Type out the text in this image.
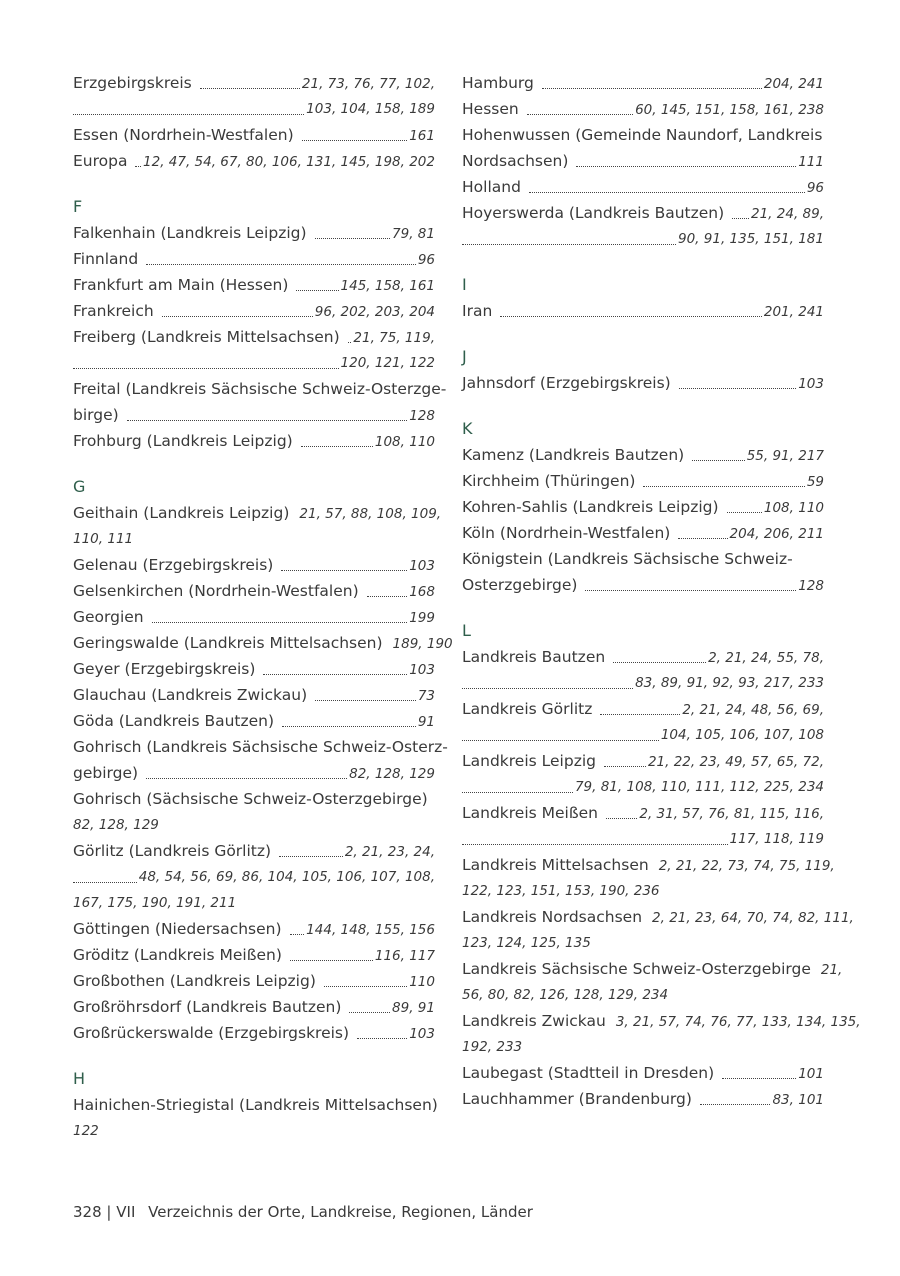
Erzgebirgskreis	21, 73, 76, 77, 102,
103, 104, 158, 189
Essen (Nordrhein-Westfalen)	161
Europa 12, 47, 54, 67, 80, 106, 131, 145, 198, 202
F
Falkenhain (Landkreis Leipzig)	79, 81
Finnland	96
Frankfurt am Main (Hessen)	145, 158, 161
Frankreich	96, 202, 203, 204
Freiberg (Landkreis Mittelsachsen) 21, 75, 119,
120, 121, 122
Freital (Landkreis Sächsische Schweiz-Osterzge-
birge)	128
Frohburg (Landkreis Leipzig)	108, 110
G
Geithain (Landkreis Leipzig) 21, 57, 88, 108, 109,
110, 111
Gelenau (Erzgebirgskreis)	103
Gelsenkirchen (Nordrhein-Westfalen)	168
Georgien	199
Geringswalde (Landkreis Mittelsachsen) 189, 190
Geyer (Erzgebirgskreis)	103
Glauchau (Landkreis Zwickau)	73
Göda (Landkreis Bautzen)	91
Gohrisch (Landkreis Sächsische Schweiz-Osterz-
gebirge)	82, 128, 129
Gohrisch (Sächsische Schweiz-Osterzgebirge)
82, 128, 129
Görlitz (Landkreis Görlitz)	2, 21, 23, 24,
48, 54, 56, 69, 86, 104, 105, 106, 107, 108,
167, 175, 190, 191, 211
Göttingen (Niedersachsen) 144, 148, 155, 156
Gröditz (Landkreis Meißen)	116, 117
Großbothen (Landkreis Leipzig)	110
Großröhrsdorf (Landkreis Bautzen)	89, 91
Großrückerswalde (Erzgebirgskreis)	103
H
Hainichen-Striegistal (Landkreis Mittelsachsen)
122
Hamburg	204, 241
Hessen	60, 145, 151, 158, 161, 238
Hohenwussen (Gemeinde Naundorf, Landkreis
Nordsachsen)	111
Holland	96
Hoyerswerda (Landkreis Bautzen) 21, 24, 89,
90, 91, 135, 151, 181
I
Iran	201, 241
J
Jahnsdorf (Erzgebirgskreis)	103
K
Kamenz (Landkreis Bautzen)	55, 91, 217
Kirchheim (Thüringen)	59
Kohren-Sahlis (Landkreis Leipzig)	108, 110
Köln (Nordrhein-Westfalen)	204, 206, 211
Königstein (Landkreis Sächsische Schweiz-
Osterzgebirge)	128
L
Landkreis Bautzen	2, 21, 24, 55, 78,
83, 89, 91, 92, 93, 217, 233
Landkreis Görlitz	2, 21, 24, 48, 56, 69,
104, 105, 106, 107, 108
Landkreis Leipzig	21, 22, 23, 49, 57, 65, 72,
79, 81, 108, 110, 111, 112, 225, 234
Landkreis Meißen	2, 31, 57, 76, 81, 115, 116,
117, 118, 119
Landkreis Mittelsachsen 2, 21, 22, 73, 74, 75, 119,
122, 123, 151, 153, 190, 236
Landkreis Nordsachsen 2, 21, 23, 64, 70, 74, 82, 111,
123, 124, 125, 135
Landkreis Sächsische Schweiz-Osterzgebirge 21,
56, 80, 82, 126, 128, 129, 234
Landkreis Zwickau 3, 21, 57, 74, 76, 77, 133, 134, 135,
192, 233
Laubegast (Stadtteil in Dresden)	101
Lauchhammer (Brandenburg)	83, 101
328 | VII Verzeichnis der Orte, Landkreise, Regionen, Länder
